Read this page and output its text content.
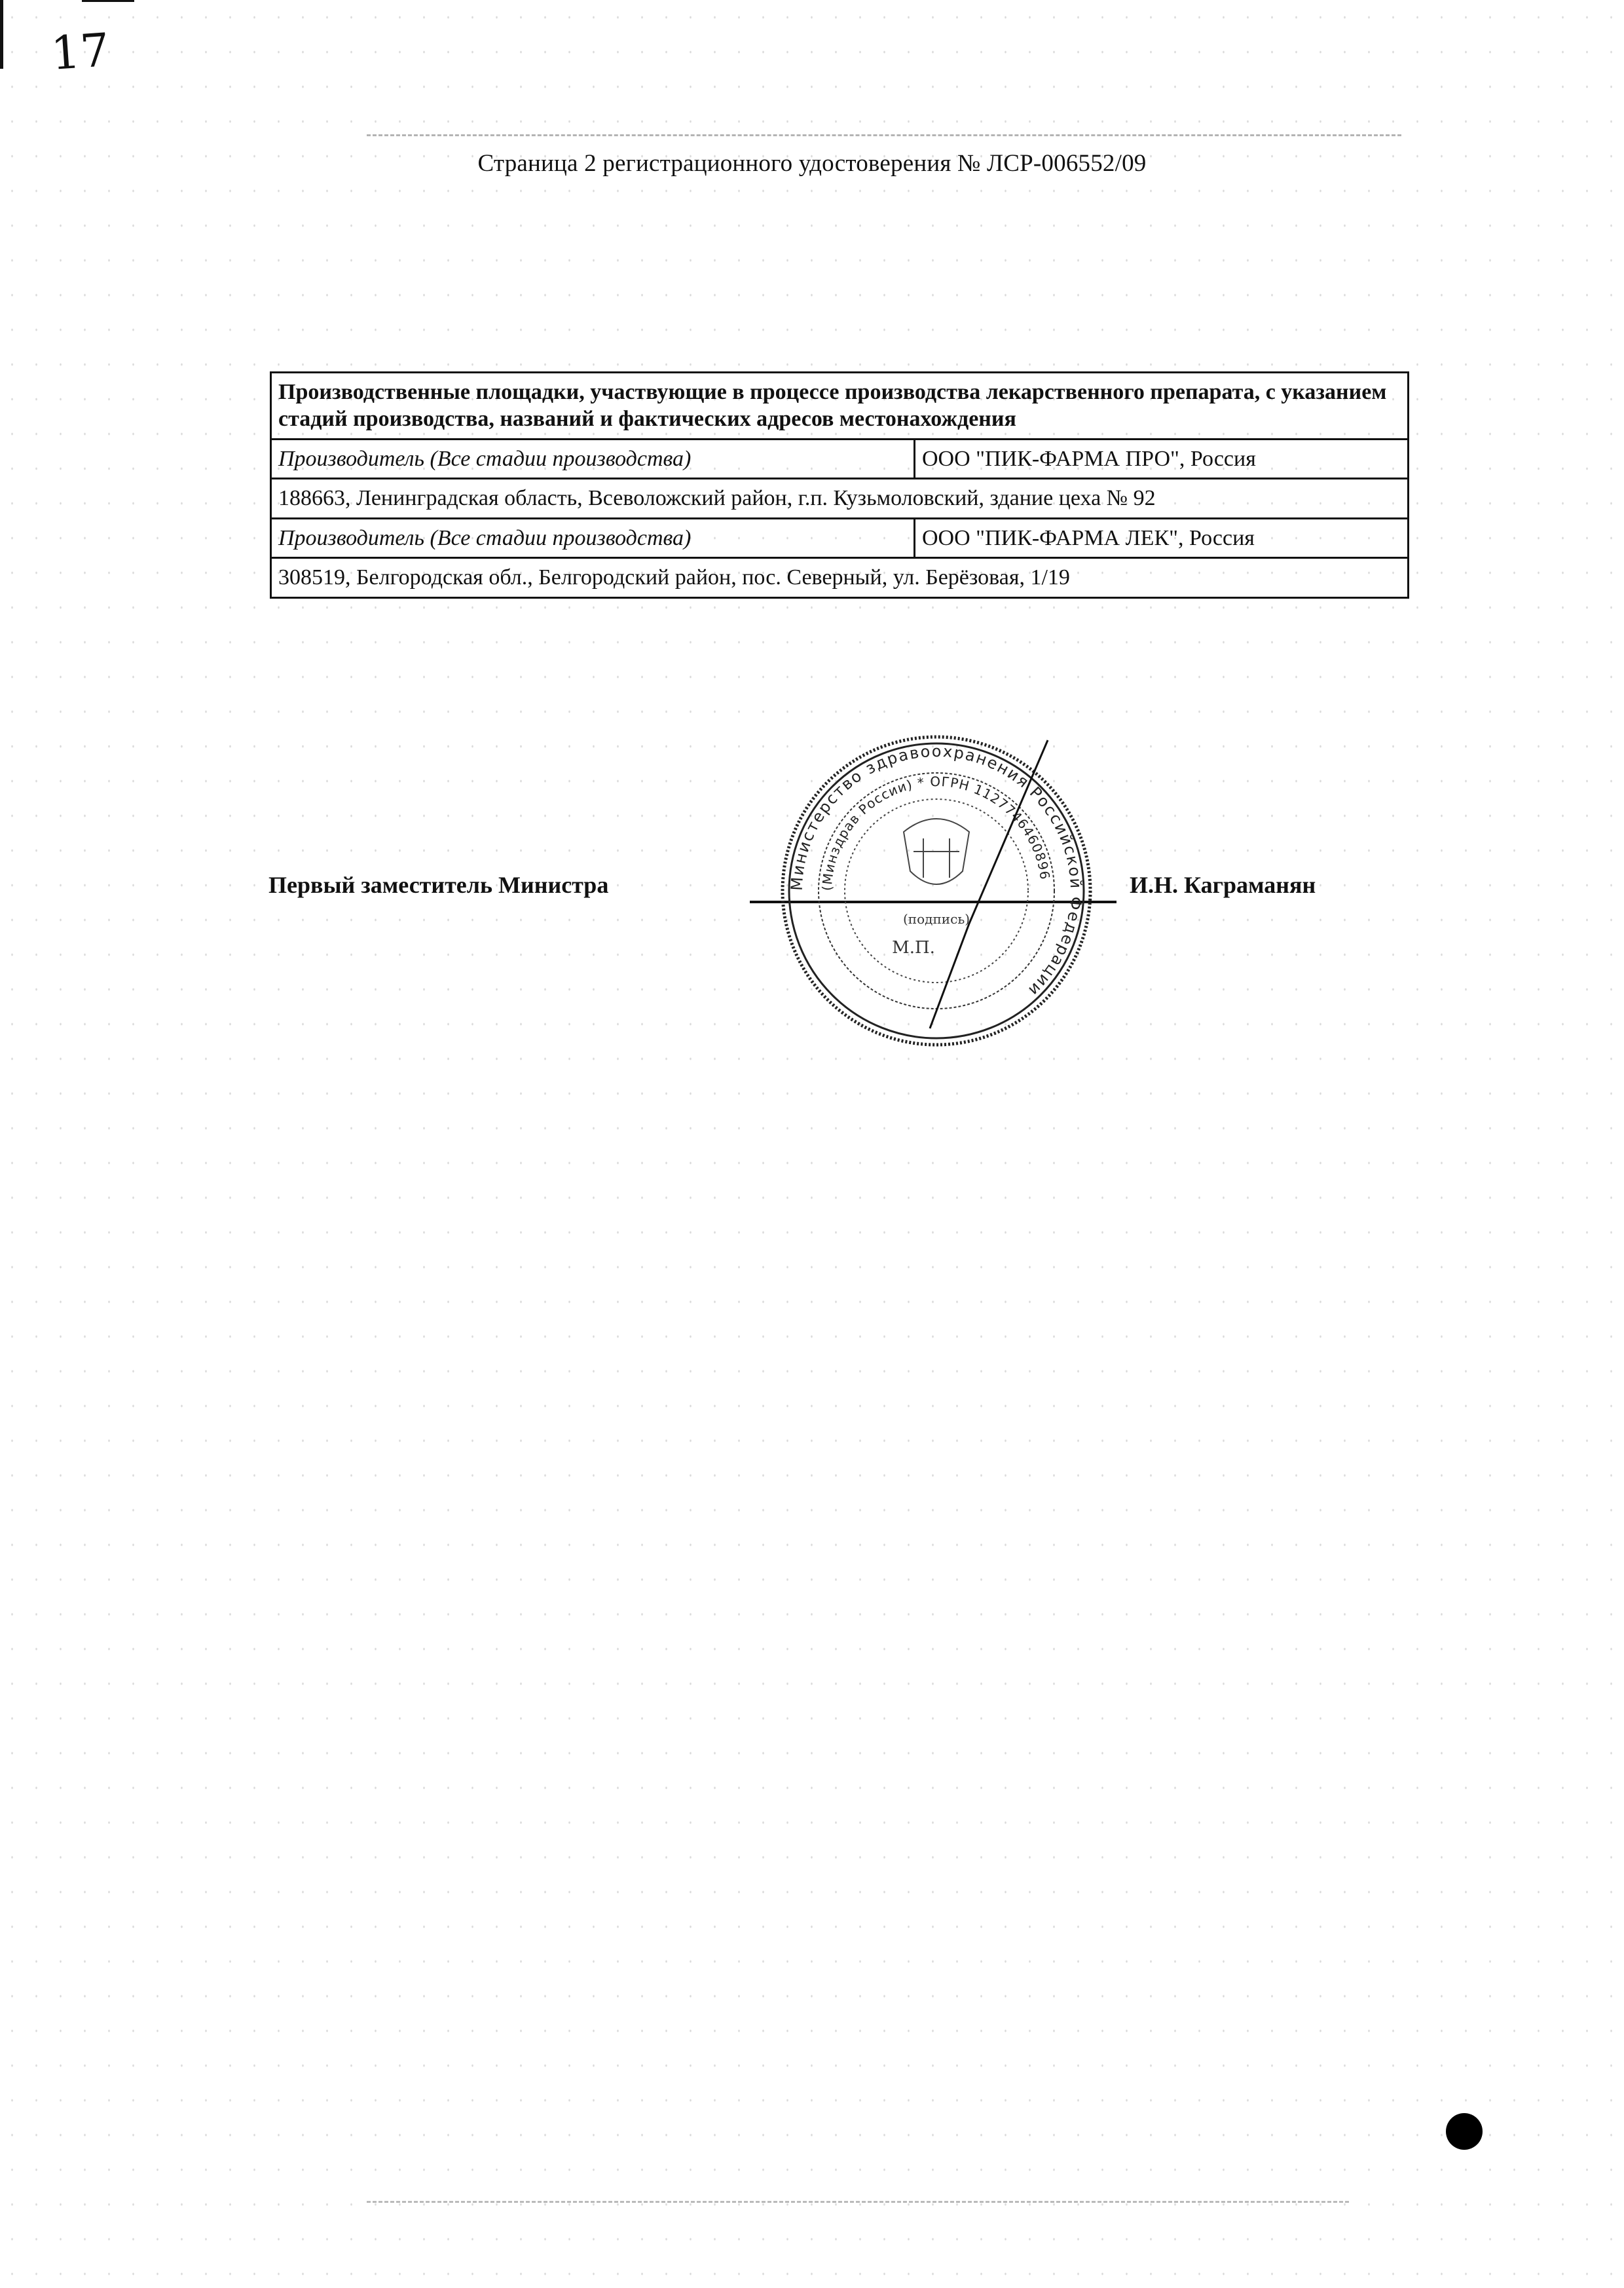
17
Страница 2 регистрационного удостоверения № ЛСР-006552/09
Производственные площадки, участвующие в процессе производства лекарственного препарата, с указанием стадий производства, названий и фактических адресов местонахождения	
Производитель (Все стадии производства)	ООО "ПИК-ФАРМА ПРО", Россия
188663, Ленинградская область, Всеволожский район, г.п. Кузьмоловский, здание цеха № 92	
Производитель (Все стадии производства)	ООО "ПИК-ФАРМА ЛЕК", Россия
308519, Белгородская обл., Белгородский район, пос. Северный, ул. Берёзовая, 1/19	
Первый заместитель Министра	И.Н. Каграманян
Министерство здравоохранения Российской Федерации
(Минздрав России) * ОГРН 1127746460896
(подпись)
М.П.
